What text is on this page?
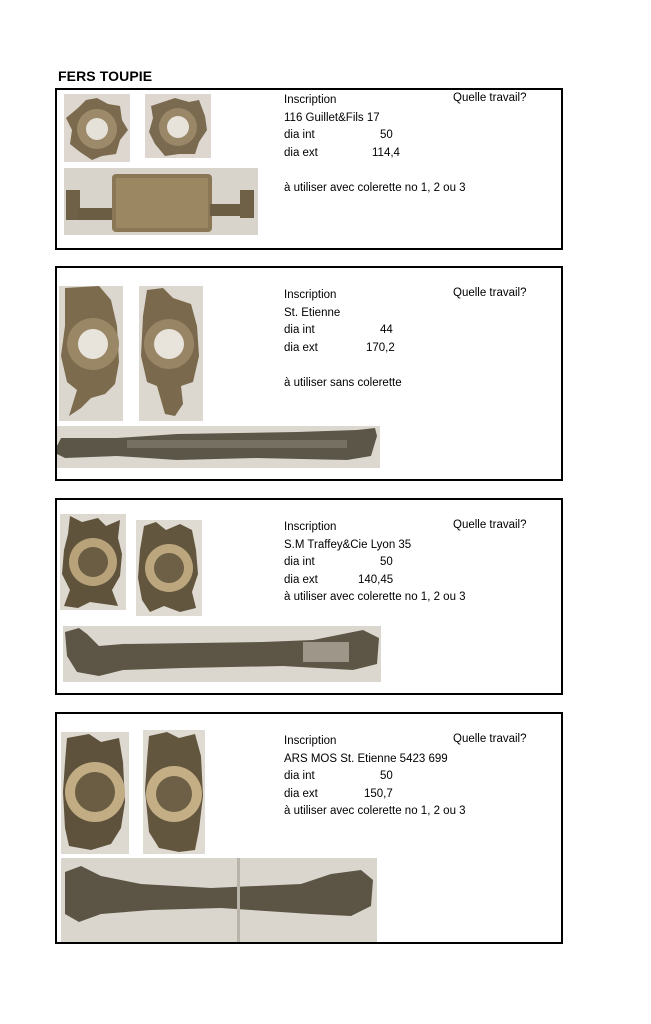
FERS TOUPIE
Inscription
116 Guillet&Fils 17
dia int	50
dia ext	114,4
à utiliser avec colerette no 1, 2 ou 3
Quelle travail?
Inscription
St. Etienne
dia int	44
dia ext	170,2
à utiliser sans colerette
Quelle travail?
Inscription
S.M Traffey&Cie Lyon 35
dia int	50
dia ext	140,45
à utiliser avec colerette no 1, 2 ou 3
Quelle travail?
Inscription
ARS MOS St. Etienne 5423 699
dia int	50
dia ext	150,7
à utiliser avec colerette no 1, 2 ou 3
Quelle travail?
